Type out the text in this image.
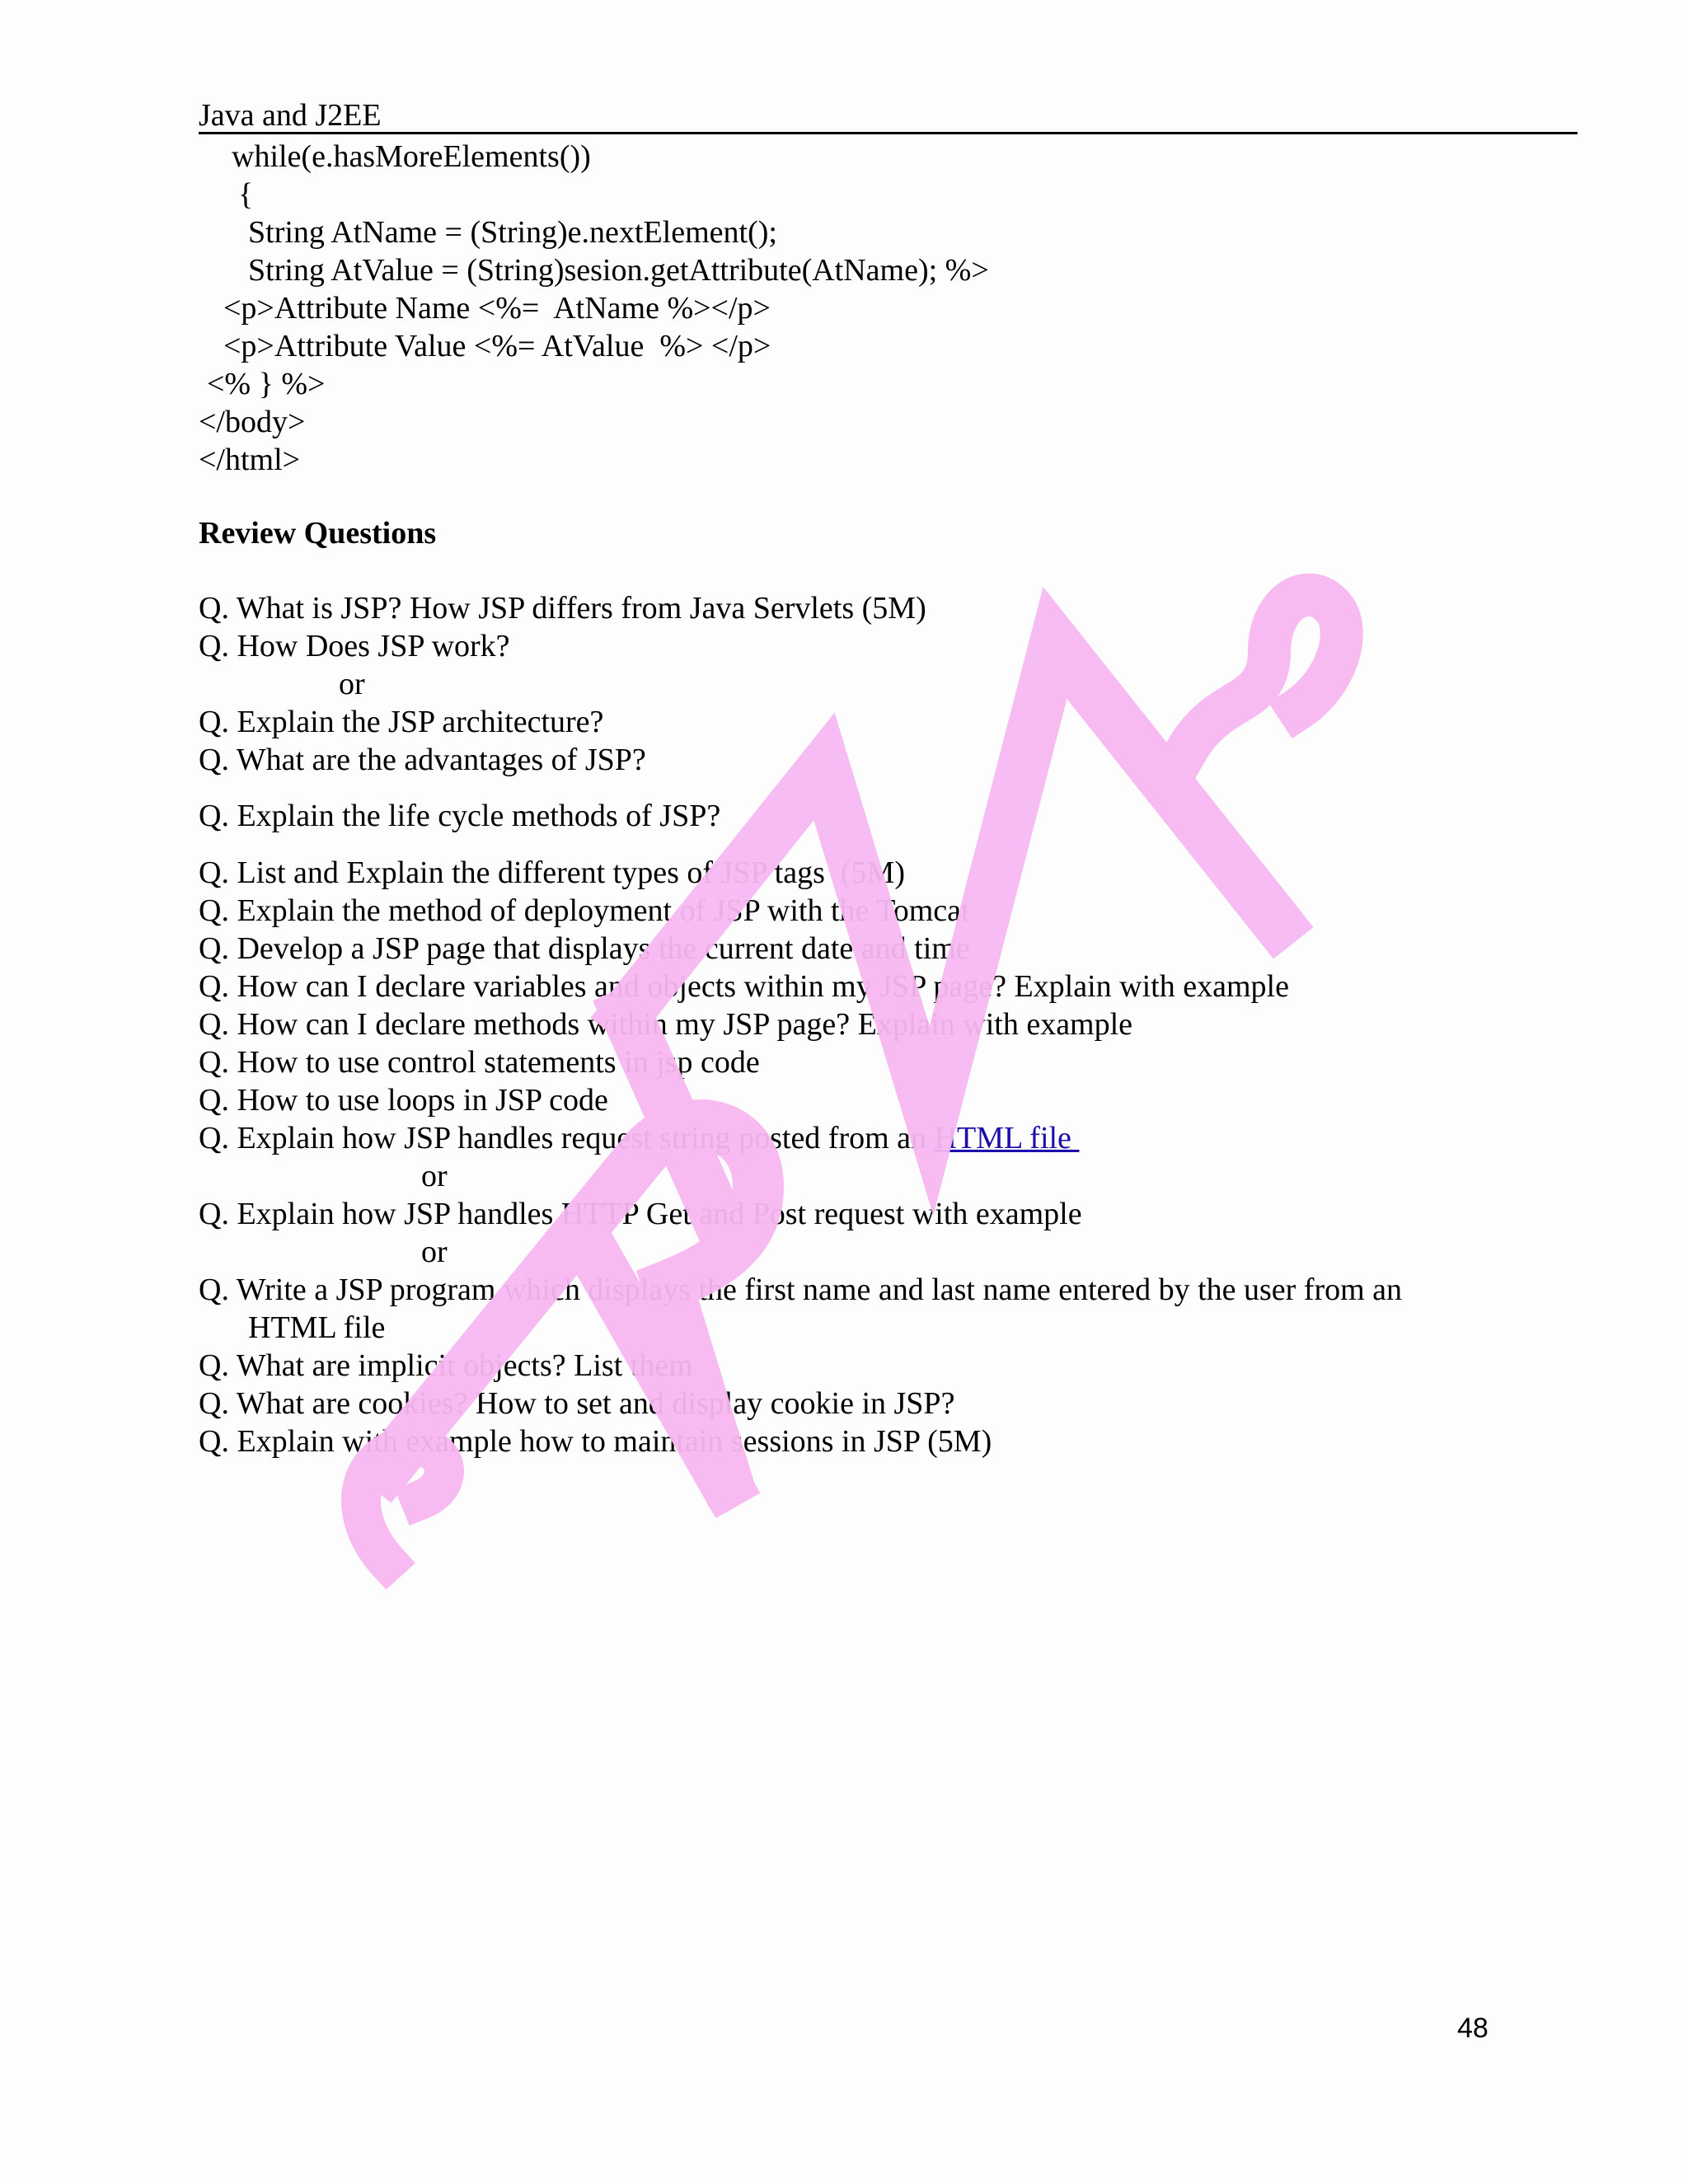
Java and J2EE
while(e.hasMoreElements())
{
String AtName = (String)e.nextElement();
String AtValue = (String)sesion.getAttribute(AtName); %>
<p>Attribute Name <%=  AtName %></p>
<p>Attribute Value <%= AtValue  %> </p>
<% } %>
</body>
</html>
Review Questions
Q. What is JSP? How JSP differs from Java Servlets (5M)
Q. How Does JSP work?
or
Q. Explain the JSP architecture?
Q. What are the advantages of JSP?
Q. Explain the life cycle methods of JSP?
Q. List and Explain the different types of JSP tags  (5M)
Q. Explain the method of deployment of JSP with the Tomcat
Q. Develop a JSP page that displays the current date and time
Q. How can I declare variables and objects within my JSP page? Explain with example
Q. How can I declare methods within my JSP page? Explain with example
Q. How to use control statements in jsp code
Q. How to use loops in JSP code
Q. Explain how JSP handles request string posted from an HTML file
or
Q. Explain how JSP handles HTTP Get and Post request with example
or
Q. Write a JSP program which displays the first name and last name entered by the user from an
HTML file
Q. What are implicit objects? List them
Q. What are cookies? How to set and display cookie in JSP?
Q. Explain with example how to maintain sessions in JSP (5M)
48
